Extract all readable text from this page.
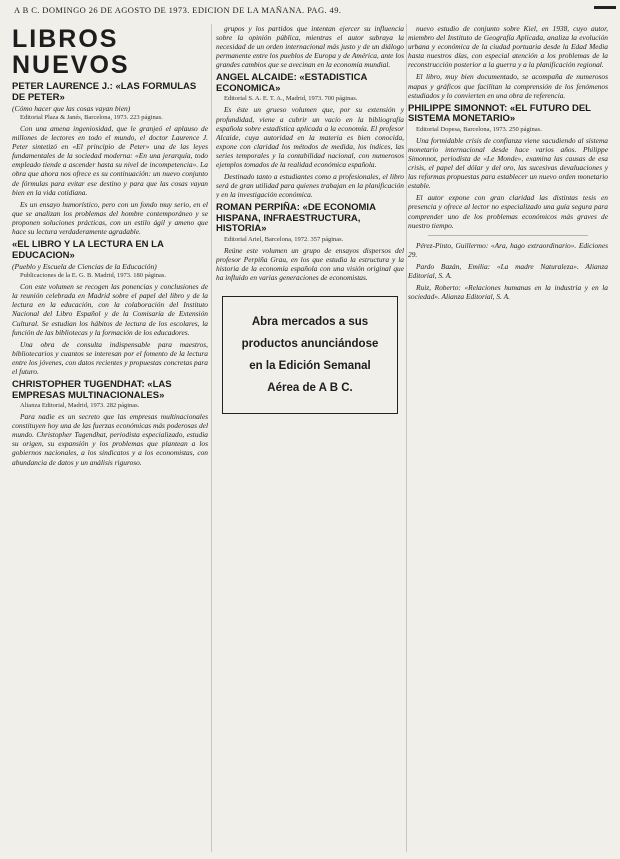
A B C. DOMINGO 26 DE AGOSTO DE 1973. EDICION DE LA MAÑANA. PAG. 49.
LIBROS NUEVOS
PETER LAURENCE J.: «LAS FORMULAS DE PETER»
(Cómo hacer que las cosas vayan bien)
Editorial Plaza & Janés, Barcelona, 1973. 223 páginas.

Con una amena ingeniosidad, que le granjeó el aplauso de millones de lectores en todo el mundo, el doctor Laurence J. Peter sintetizó en «El principio de Peter» una de las leyes fundamentales de la sociedad moderna: «En una jerarquía, todo empleado tiende a ascender hasta su nivel de incompetencia». La obra que ahora nos ofrece es su continuación: un nuevo conjunto de fórmulas para evitar ese destino y para que las cosas vayan bien en la vida cotidiana.

Es un ensayo humorístico, pero con un fondo muy serio, en el que se analizan los problemas del hombre contemporáneo y se proponen soluciones prácticas, con un estilo ágil y ameno que hace su lectura verdaderamente agradable.

«EL LIBRO Y LA LECTURA EN LA EDUCACION»
(Pueblo y Escuela de Ciencias de la Educación)
Publicaciones de la E. G. B. Madrid, 1973. 180 páginas.

Con este volumen se recogen las ponencias y conclusiones de la reunión celebrada en Madrid sobre el papel del libro y de la lectura en la educación, con la colaboración del Instituto Nacional del Libro Español y de la Comisaría de Extensión Cultural. Se estudian los hábitos de lectura de los escolares, la función de las bibliotecas y la formación de los educadores.

Una obra de consulta indispensable para maestros, bibliotecarios y cuantos se interesan por el fomento de la lectura entre los jóvenes, con datos recientes y propuestas concretas para el futuro.

CHRISTOPHER TUGENDHAT: «LAS EMPRESAS MULTINACIONALES»
Alianza Editorial, Madrid, 1973. 282 páginas.

Para nadie es un secreto que las empresas multinacionales constituyen hoy una de las fuerzas económicas más poderosas del mundo. Christopher Tugendhat, periodista especializado, estudia su origen, su expansión y los problemas que plantean a los gobiernos nacionales, a los sindicatos y a los economistas, con abundancia de datos y un análisis riguroso.

grupos y los partidos que intentan ejercer su influencia sobre la opinión pública, mientras el autor subraya la necesidad de un orden internacional más justo y de un diálogo permanente entre los pueblos de Europa y de América, ante los grandes cambios que se avecinan en la economía mundial.

ANGEL ALCAIDE: «ESTADISTICA ECONOMICA»
Editorial S. A. E. T. A., Madrid, 1973. 700 páginas.

Es éste un grueso volumen que, por su extensión y profundidad, viene a cubrir un vacío en la bibliografía española sobre estadística aplicada a la economía. El profesor Alcaide, cuya autoridad en la materia es bien conocida, expone con claridad los métodos de medida, los índices, las series temporales y la contabilidad nacional, con numerosos ejemplos tomados de la realidad económica española.

Destinado tanto a estudiantes como a profesionales, el libro será de gran utilidad para quienes trabajan en la planificación y en la investigación económica.

ROMAN PERPIÑA: «DE ECONOMIA HISPANA, INFRAESTRUCTURA, HISTORIA»
Editorial Ariel, Barcelona, 1972. 357 páginas.

Reúne este volumen un grupo de ensayos dispersos del profesor Perpiña Grau, en los que estudia la estructura y la historia de la economía española con una visión original que ha influido en varias generaciones de economistas.

Abra mercados a sus
productos anunciándose
en la Edición Semanal
Aérea de A B C.

nuevo estudio de conjunto sobre Kiel, en 1938, cuyo autor, miembro del Instituto de Geografía Aplicada, analiza la evolución urbana y económica de la ciudad portuaria desde la Edad Media hasta nuestros días, con especial atención a los problemas de la reconstrucción posterior a la guerra y a la planificación regional.

El libro, muy bien documentado, se acompaña de numerosos mapas y gráficos que facilitan la comprensión de los fenómenos estudiados y lo convierten en una obra de referencia.

PHILIPPE SIMONNOT: «EL FUTURO DEL SISTEMA MONETARIO»
Editorial Dopesa, Barcelona, 1973. 250 páginas.

Una formidable crisis de confianza viene sacudiendo al sistema monetario internacional desde hace varios años. Philippe Simonnot, periodista de «Le Monde», examina las causas de esa crisis, el papel del dólar y del oro, las sucesivas devaluaciones y las reformas propuestas para establecer un nuevo orden monetario estable.

El autor expone con gran claridad las distintas tesis en presencia y ofrece al lector no especializado una guía segura para comprender uno de los problemas económicos más graves de nuestro tiempo.

Pérez-Pinto, Guillermo: «Ara, hago extraordinario». Ediciones 29.

Pardo Bazán, Emilia: «La madre Naturaleza». Alianza Editorial, S. A.

Ruiz, Roberto: «Relaciones humanas en la industria y en la sociedad». Alianza Editorial, S. A.
